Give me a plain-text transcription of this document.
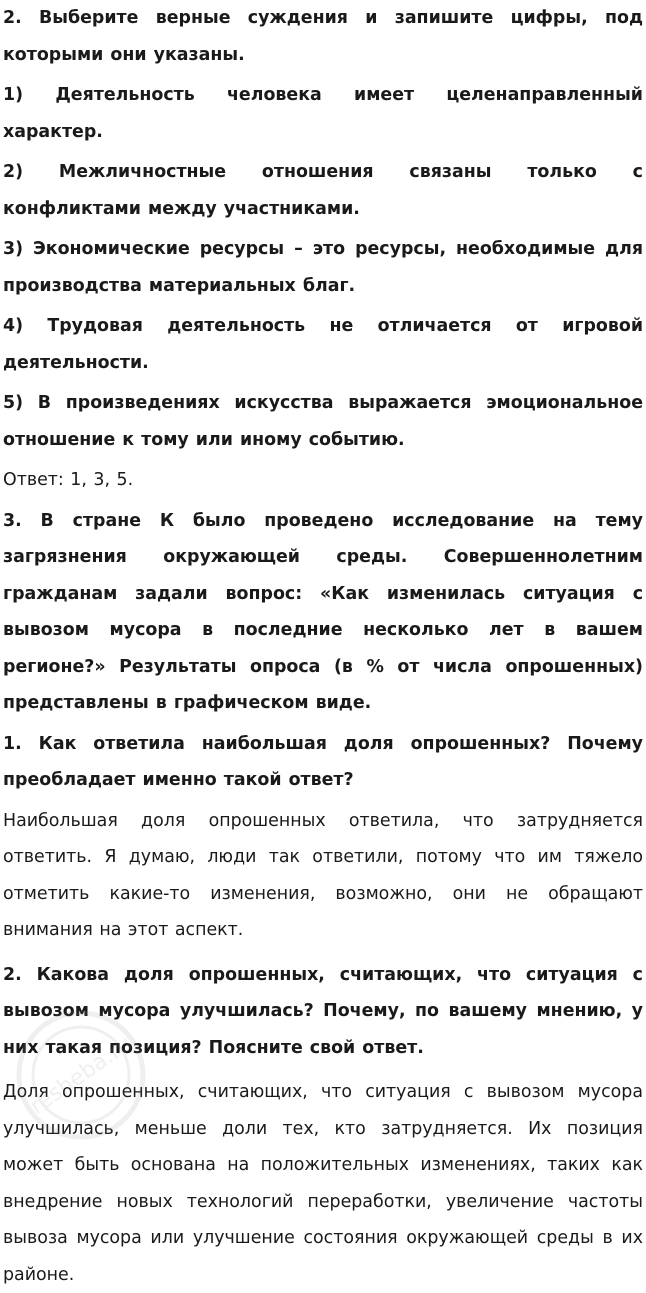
2. Выберите верные суждения и запишите цифры, под которыми они указаны.

1) Деятельность человека имеет целенаправленный характер.

2) Межличностные отношения связаны только с конфликтами между участниками.

3) Экономические ресурсы – это ресурсы, необходимые для производства материальных благ.

4) Трудовая деятельность не отличается от игровой деятельности.

5) В произведениях искусства выражается эмоциональное отношение к тому или иному событию.

Ответ: 1, 3, 5.

3. В стране К было проведено исследование на тему загрязнения окружающей среды. Совершеннолетним гражданам задали вопрос: «Как изменилась ситуация с вывозом мусора в последние несколько лет в вашем регионе?» Результаты опроса (в % от числа опрошенных) представлены в графическом виде.

1. Как ответила наибольшая доля опрошенных? Почему преобладает именно такой ответ?

Наибольшая доля опрошенных ответила, что затрудняется ответить. Я думаю, люди так ответили, потому что им тяжело отметить какие-то изменения, возможно, они не обращают внимания на этот аспект.

2. Какова доля опрошенных, считающих, что ситуация с вывозом мусора улучшилась? Почему, по вашему мнению, у них такая позиция? Поясните свой ответ.

Доля опрошенных, считающих, что ситуация с вывозом мусора улучшилась, меньше доли тех, кто затрудняется. Их позиция может быть основана на положительных изменениях, таких как внедрение новых технологий переработки, увеличение частоты вывоза мусора или улучшение состояния окружающей среды в их районе.

resheba.ru
